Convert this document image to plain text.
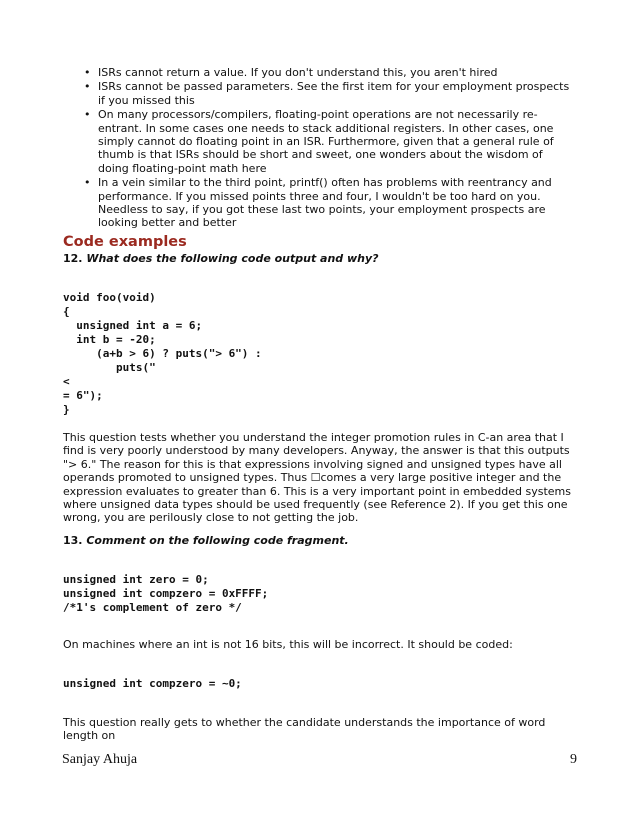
• ISRs cannot return a value. If you don't understand this, you aren't hired
• ISRs cannot be passed parameters. See the first item for your employment prospects if you missed this
• On many processors/compilers, floating-point operations are not necessarily re-entrant. In some cases one needs to stack additional registers. In other cases, one simply cannot do floating point in an ISR. Furthermore, given that a general rule of thumb is that ISRs should be short and sweet, one wonders about the wisdom of doing floating-point math here
• In a vein similar to the third point, printf() often has problems with reentrancy and performance. If you missed points three and four, I wouldn't be too hard on you. Needless to say, if you got these last two points, your employment prospects are looking better and better
Code examples

12. What does the following code output and why?

void foo(void)
{
unsigned int a = 6;
int b = -20;
(a+b > 6) ? puts("> 6") :
puts("
<
= 6");
}

This question tests whether you understand the integer promotion rules in C-an area that I find is very poorly understood by many developers. Anyway, the answer is that this outputs "> 6." The reason for this is that expressions involving signed and unsigned types have all operands promoted to unsigned types. Thus ☐comes a very large positive integer and the expression evaluates to greater than 6. This is a very important point in embedded systems where unsigned data types should be used frequently (see Reference 2). If you get this one wrong, you are perilously close to not getting the job.

13. Comment on the following code fragment.

unsigned int zero = 0;
unsigned int compzero = 0xFFFF;
/*1's complement of zero */

On machines where an int is not 16 bits, this will be incorrect. It should be coded:

unsigned int compzero = ~0;

This question really gets to whether the candidate understands the importance of word length on

Sanjay Ahuja	9
